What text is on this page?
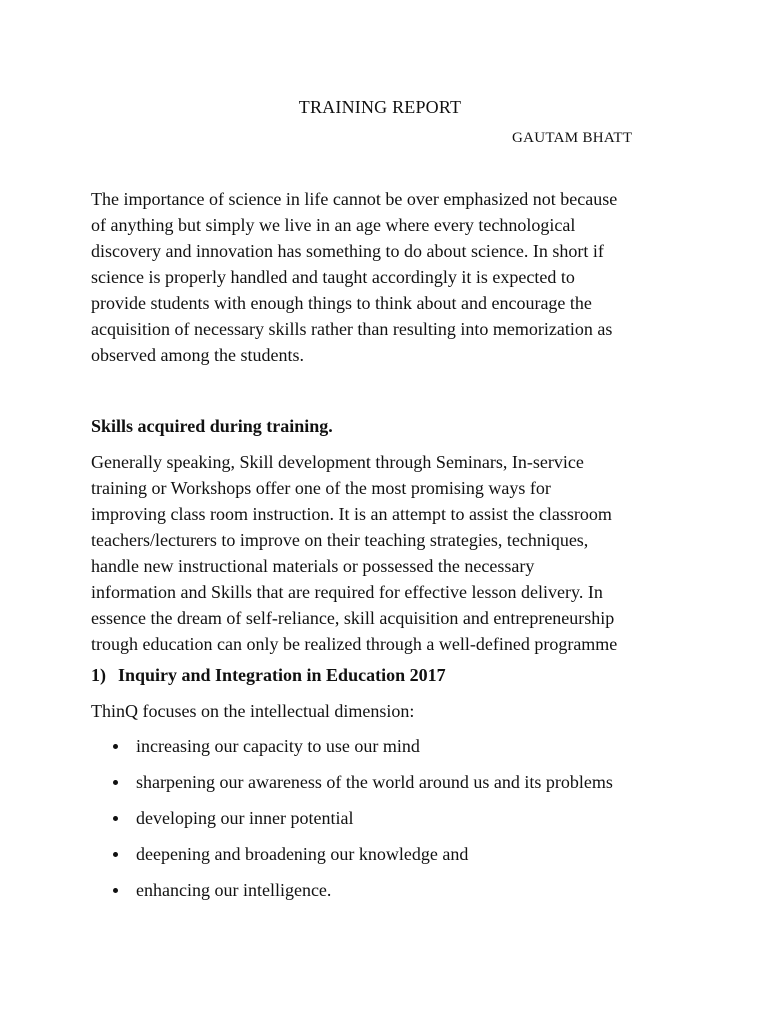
TRAINING REPORT
GAUTAM BHATT

The importance of science in life cannot be over emphasized not because
of anything but simply we live in an age where every technological
discovery and innovation has something to do about science. In short if
science is properly handled and taught accordingly it is expected to
provide students with enough things to think about and encourage the
acquisition of necessary skills rather than resulting into memorization as
observed among the students.

Skills acquired during training.

Generally speaking, Skill development through Seminars, In-service
training or Workshops offer one of the most promising ways for
improving class room instruction. It is an attempt to assist the classroom
teachers/lecturers to improve on their teaching strategies, techniques,
handle new instructional materials or possessed the necessary
information and Skills that are required for effective lesson delivery. In
essence the dream of self-reliance, skill acquisition and entrepreneurship
trough education can only be realized through a well-defined programme

1) Inquiry and Integration in Education 2017
ThinQ focuses on the intellectual dimension:
increasing our capacity to use our mind
sharpening our awareness of the world around us and its problems
developing our inner potential
deepening and broadening our knowledge and
enhancing our intelligence.
